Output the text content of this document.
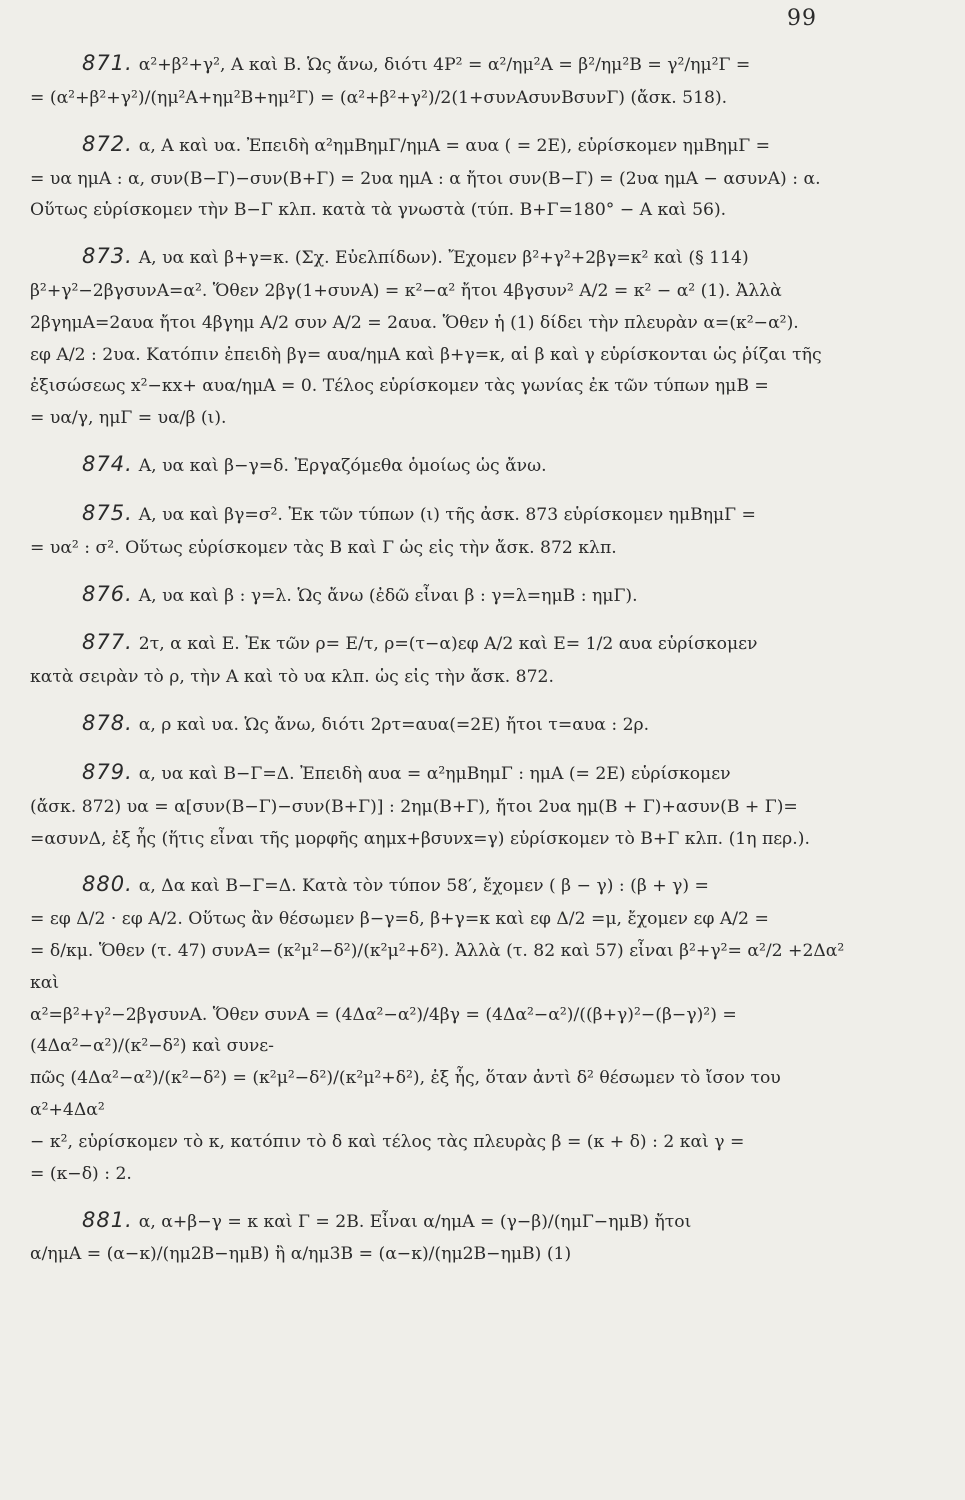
99
871. α²+β²+γ², Α καὶ Β. Ὡς ἄνω, διότι 4Ρ² = α²/ημ²Α = β²/ημ²Β = γ²/ημ²Γ =
= (α²+β²+γ²)/(ημ²Α+ημ²Β+ημ²Γ) = (α²+β²+γ²)/2(1+συνΑσυνΒσυνΓ) (ἄσκ. 518).
872. α, Α καὶ υα. Ἐπειδὴ α²ημΒημΓ/ημΑ = αυα ( = 2Ε), εὑρίσκομεν ημΒημΓ =
= υα ημΑ : α, συν(Β−Γ)−συν(Β+Γ) = 2υα ημΑ : α ἤτοι συν(Β−Γ) = (2υα ημΑ − ασυνΑ) : α.
Οὕτως εὑρίσκομεν τὴν Β−Γ κλπ. κατὰ τὰ γνωστὰ (τύπ. Β+Γ=180° − Α καὶ 56).
873. Α, υα καὶ β+γ=κ. (Σχ. Εὐελπίδων). Ἔχομεν β²+γ²+2βγ=κ² καὶ (§ 114)
β²+γ²−2βγσυνΑ=α². Ὅθεν 2βγ(1+συνΑ) = κ²−α² ἤτοι 4βγσυν² Α/2 = κ² − α² (1). Ἀλλὰ
2βγημΑ=2αυα ἤτοι 4βγημ Α/2 συν Α/2 = 2αυα. Ὅθεν ἡ (1) δίδει τὴν πλευρὰν α=(κ²−α²).
εφ Α/2 : 2υα. Κατόπιν ἐπειδὴ βγ= αυα/ημΑ καὶ β+γ=κ, αἱ β καὶ γ εὑρίσκονται ὡς ῥίζαι τῆς
ἐξισώσεως x²−κx+ αυα/ημΑ = 0. Τέλος εὑρίσκομεν τὰς γωνίας ἐκ τῶν τύπων ημΒ =
= υα/γ, ημΓ = υα/β (ι).
874. Α, υα καὶ β−γ=δ. Ἐργαζόμεθα ὁμοίως ὡς ἄνω.
875. Α, υα καὶ βγ=σ². Ἐκ τῶν τύπων (ι) τῆς ἀσκ. 873 εὑρίσκομεν ημΒημΓ =
= υα² : σ². Οὕτως εὑρίσκομεν τὰς Β καὶ Γ ὡς εἰς τὴν ἄσκ. 872 κλπ.
876. Α, υα καὶ β : γ=λ. Ὡς ἄνω (ἐδῶ εἶναι β : γ=λ=ημΒ : ημΓ).
877. 2τ, α καὶ Ε. Ἐκ τῶν ρ= Ε/τ, ρ=(τ−α)εφ Α/2 καὶ Ε= 1/2 αυα εὑρίσκομεν
κατὰ σειρὰν τὸ ρ, τὴν Α καὶ τὸ υα κλπ. ὡς εἰς τὴν ἄσκ. 872.
878. α, ρ καὶ υα. Ὡς ἄνω, διότι 2ρτ=αυα(=2Ε) ἤτοι τ=αυα : 2ρ.
879. α, υα καὶ Β−Γ=Δ. Ἐπειδὴ αυα = α²ημΒημΓ : ημΑ (= 2Ε) εὑρίσκομεν
(ἄσκ. 872) υα = α[συν(Β−Γ)−συν(Β+Γ)] : 2ημ(Β+Γ), ἤτοι 2υα ημ(Β + Γ)+ασυν(Β + Γ)=
=ασυνΔ, ἐξ ἧς (ἥτις εἶναι τῆς μορφῆς αημx+βσυνx=γ) εὑρίσκομεν τὸ Β+Γ κλπ. (1η περ.).
880. α, Δα καὶ Β−Γ=Δ. Κατὰ τὸν τύπον 58′, ἔχομεν ( β − γ) : (β + γ) =
= εφ Δ/2 · εφ Α/2. Οὕτως ἂν θέσωμεν β−γ=δ, β+γ=κ καὶ εφ Δ/2 =μ, ἔχομεν εφ Α/2 =
= δ/κμ. Ὅθεν (τ. 47) συνΑ= (κ²μ²−δ²)/(κ²μ²+δ²). Ἀλλὰ (τ. 82 καὶ 57) εἶναι β²+γ²= α²/2 +2Δα² καὶ
α²=β²+γ²−2βγσυνΑ. Ὅθεν συνΑ = (4Δα²−α²)/4βγ = (4Δα²−α²)/((β+γ)²−(β−γ)²) = (4Δα²−α²)/(κ²−δ²) καὶ συνε-
πῶς (4Δα²−α²)/(κ²−δ²) = (κ²μ²−δ²)/(κ²μ²+δ²), ἐξ ἧς, ὅταν ἀντὶ δ² θέσωμεν τὸ ἴσον του α²+4Δα²
− κ², εὑρίσκομεν τὸ κ, κατόπιν τὸ δ καὶ τέλος τὰς πλευρὰς β = (κ + δ) : 2 καὶ γ =
= (κ−δ) : 2.
881. α, α+β−γ = κ καὶ Γ = 2Β. Εἶναι α/ημΑ = (γ−β)/(ημΓ−ημΒ) ἤτοι
α/ημΑ = (α−κ)/(ημ2Β−ημΒ) ἢ α/ημ3Β = (α−κ)/(ημ2Β−ημΒ) (1)
